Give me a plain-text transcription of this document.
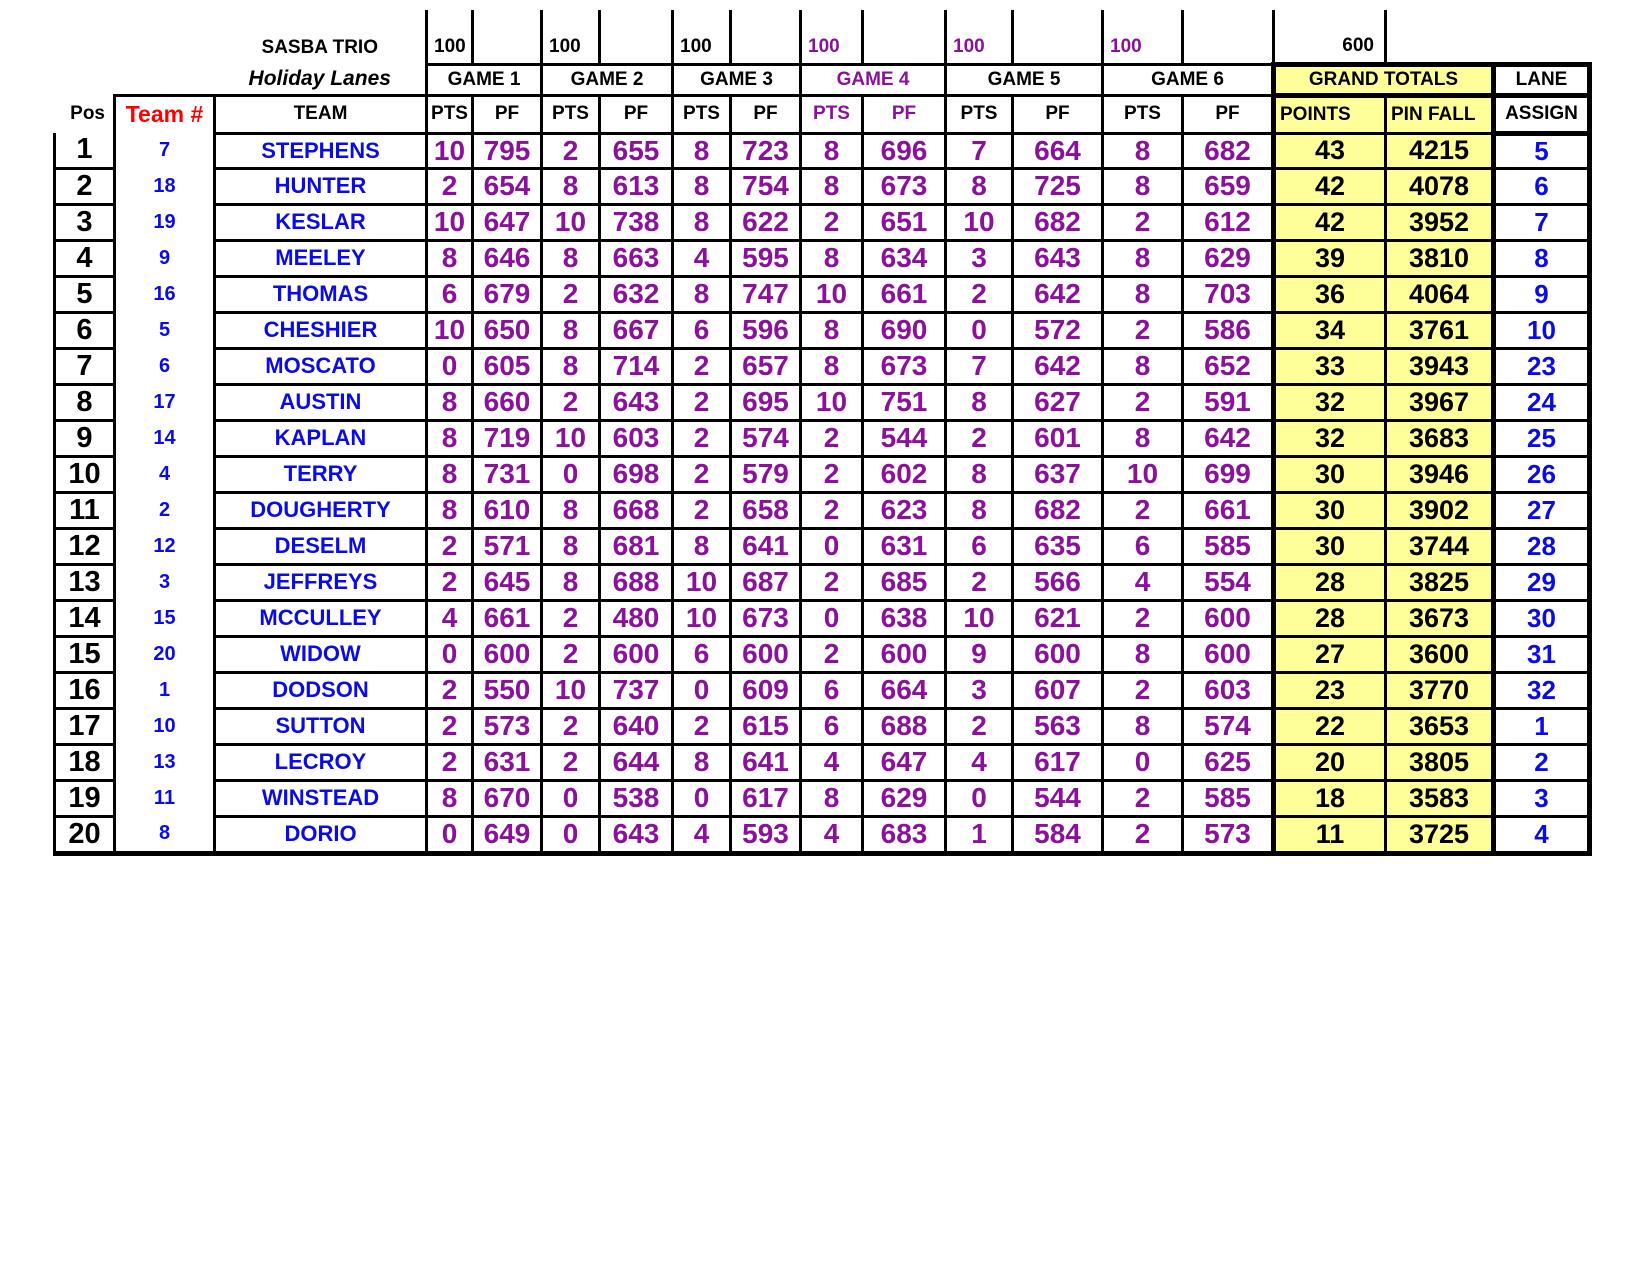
		SASBA TRIO	100		100		100		100		100		100		600		
		Holiday Lanes	GAME 1		GAME 2		GAME 3		GAME 4		GAME 5		GAME 6		GRAND TOTALS		LANE
Pos	Team #	TEAM	PTS	PF	PTS	PF	PTS	PF	PTS	PF	PTS	PF	PTS	PF	POINTS	PIN FALL	ASSIGN
1	7	STEPHENS	10	795	2	655	8	723	8	696	7	664	8	682	43	4215	5
2	18	HUNTER	2	654	8	613	8	754	8	673	8	725	8	659	42	4078	6
3	19	KESLAR	10	647	10	738	8	622	2	651	10	682	2	612	42	3952	7
4	9	MEELEY	8	646	8	663	4	595	8	634	3	643	8	629	39	3810	8
5	16	THOMAS	6	679	2	632	8	747	10	661	2	642	8	703	36	4064	9
6	5	CHESHIER	10	650	8	667	6	596	8	690	0	572	2	586	34	3761	10
7	6	MOSCATO	0	605	8	714	2	657	8	673	7	642	8	652	33	3943	23
8	17	AUSTIN	8	660	2	643	2	695	10	751	8	627	2	591	32	3967	24
9	14	KAPLAN	8	719	10	603	2	574	2	544	2	601	8	642	32	3683	25
10	4	TERRY	8	731	0	698	2	579	2	602	8	637	10	699	30	3946	26
11	2	DOUGHERTY	8	610	8	668	2	658	2	623	8	682	2	661	30	3902	27
12	12	DESELM	2	571	8	681	8	641	0	631	6	635	6	585	30	3744	28
13	3	JEFFREYS	2	645	8	688	10	687	2	685	2	566	4	554	28	3825	29
14	15	MCCULLEY	4	661	2	480	10	673	0	638	10	621	2	600	28	3673	30
15	20	WIDOW	0	600	2	600	6	600	2	600	9	600	8	600	27	3600	31
16	1	DODSON	2	550	10	737	0	609	6	664	3	607	2	603	23	3770	32
17	10	SUTTON	2	573	2	640	2	615	6	688	2	563	8	574	22	3653	1
18	13	LECROY	2	631	2	644	8	641	4	647	4	617	0	625	20	3805	2
19	11	WINSTEAD	8	670	0	538	0	617	8	629	0	544	2	585	18	3583	3
20	8	DORIO	0	649	0	643	4	593	4	683	1	584	2	573	11	3725	4
